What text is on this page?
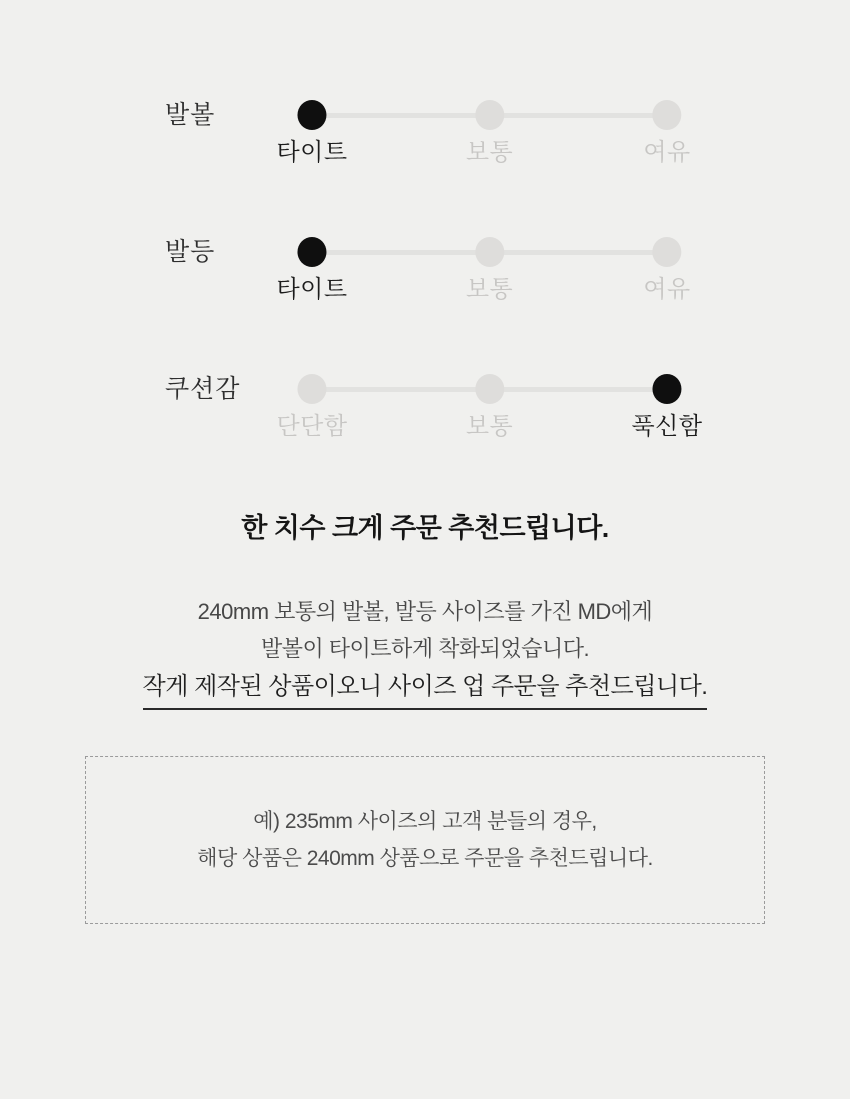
발볼
타이트	보통	여유
발등
타이트	보통	여유
쿠션감
단단함	보통	푹신함
한 치수 크게 주문 추천드립니다.
240mm 보통의 발볼, 발등 사이즈를 가진 MD에게
발볼이 타이트하게 착화되었습니다.
작게 제작된 상품이오니 사이즈 업 주문을 추천드립니다.
예) 235mm 사이즈의 고객 분들의 경우,
해당 상품은 240mm 상품으로 주문을 추천드립니다.
